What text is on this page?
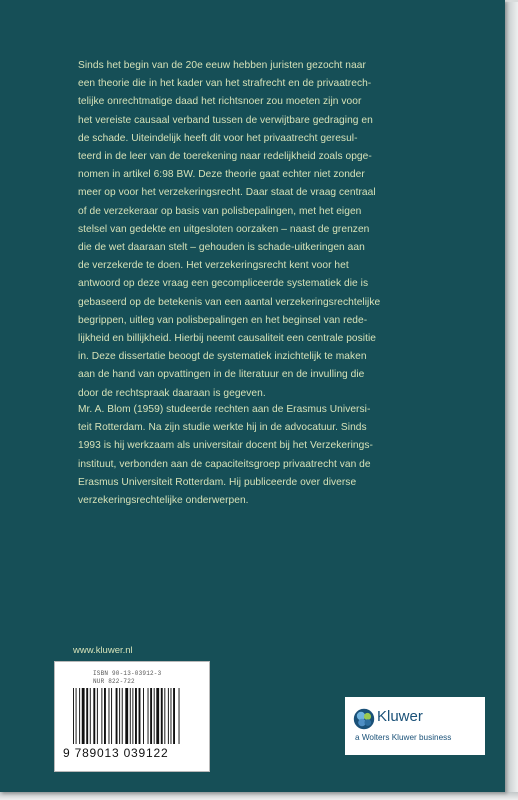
Sinds het begin van de 20e eeuw hebben juristen gezocht naar
een theorie die in het kader van het strafrecht en de privaatrech-
telijke onrechtmatige daad het richtsnoer zou moeten zijn voor
het vereiste causaal verband tussen de verwijtbare gedraging en
de schade. Uiteindelijk heeft dit voor het privaatrecht geresul-
teerd in de leer van de toerekening naar redelijkheid zoals opge-
nomen in artikel 6:98 BW. Deze theorie gaat echter niet zonder
meer op voor het verzekeringsrecht. Daar staat de vraag centraal
of de verzekeraar op basis van polisbepalingen, met het eigen
stelsel van gedekte en uitgesloten oorzaken – naast de grenzen
die de wet daaraan stelt – gehouden is schade-uitkeringen aan
de verzekerde te doen. Het verzekeringsrecht kent voor het
antwoord op deze vraag een gecompliceerde systematiek die is
gebaseerd op de betekenis van een aantal verzekeringsrechtelijke
begrippen, uitleg van polisbepalingen en het beginsel van rede-
lijkheid en billijkheid. Hierbij neemt causaliteit een centrale positie
in. Deze dissertatie beoogt de systematiek inzichtelijk te maken
aan de hand van opvattingen in de literatuur en de invulling die
door de rechtspraak daaraan is gegeven.
Mr. A. Blom (1959) studeerde rechten aan de Erasmus Universi-
teit Rotterdam. Na zijn studie werkte hij in de advocatuur. Sinds
1993 is hij werkzaam als universitair docent bij het Verzekerings-
instituut, verbonden aan de capaciteitsgroep privaatrecht van de
Erasmus Universiteit Rotterdam. Hij publiceerde over diverse
verzekeringsrechtelijke onderwerpen.
www.kluwer.nl
ISBN 90-13-03912-3
NUR 822-722
9 789013 039122
Kluwer
a Wolters Kluwer business
